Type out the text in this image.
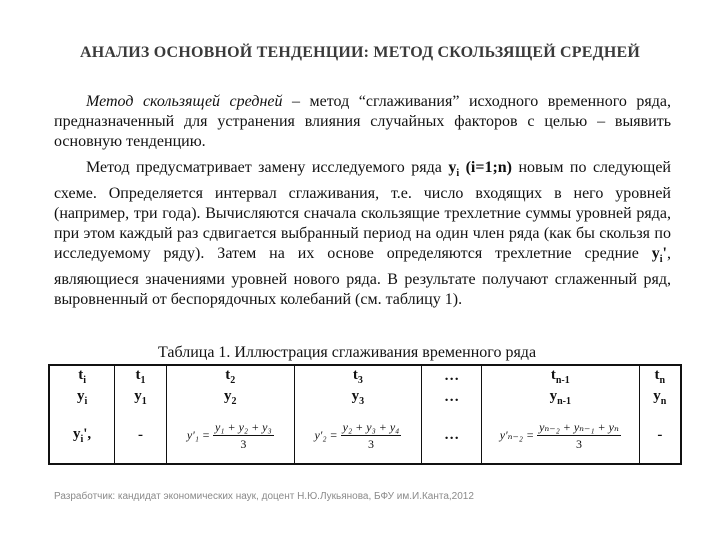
АНАЛИЗ ОСНОВНОЙ ТЕНДЕНЦИИ: МЕТОД СКОЛЬЗЯЩЕЙ СРЕДНЕЙ
Метод скользящей средней – метод “сглаживания” исходного временного ряда, предназначенный для устранения влияния случайных факторов с целью – выявить основную тенденцию.
Метод предусматривает замену исследуемого ряда $y_i$ (i=1;n) новым по следующей схеме. Определяется интервал сглаживания, т.е. число входящих в него уровней (например, три года). Вычисляются сначала скользящие трехлетние суммы уровней ряда, при этом каждый раз сдвигается выбранный период на один член ряда (как бы скользя по исследуемому ряду). Затем на их основе определяются трехлетние средние $y_i'$, являющиеся значениями уровней нового ряда. В результате получают сглаженный ряд, выровненный от беспорядочных колебаний (см. таблицу 1).
Таблица 1. Иллюстрация сглаживания временного ряда
$t_i$	$t_1$	$t_2$	$t_3$	…	$t_{n-1}$	$t_n$
$y_i$	$y_1$	$y_2$	$y_3$	…	$y_{n-1}$	$y_n$
$y_i'$,	-	$y'_1 = \frac{\text{y₁ + y₂ + y₃}}{3}$	$y'_2 = \frac{\text{y₂ + y₃ + y₄}}{3}$	…	$y'_{n-2} = \frac{\text{yₙ₋₂ + yₙ₋₁ + yₙ}}{3}$	-
Разработчик: кандидат экономических наук, доцент Н.Ю.Лукьянова, БФУ им.И.Канта,2012
